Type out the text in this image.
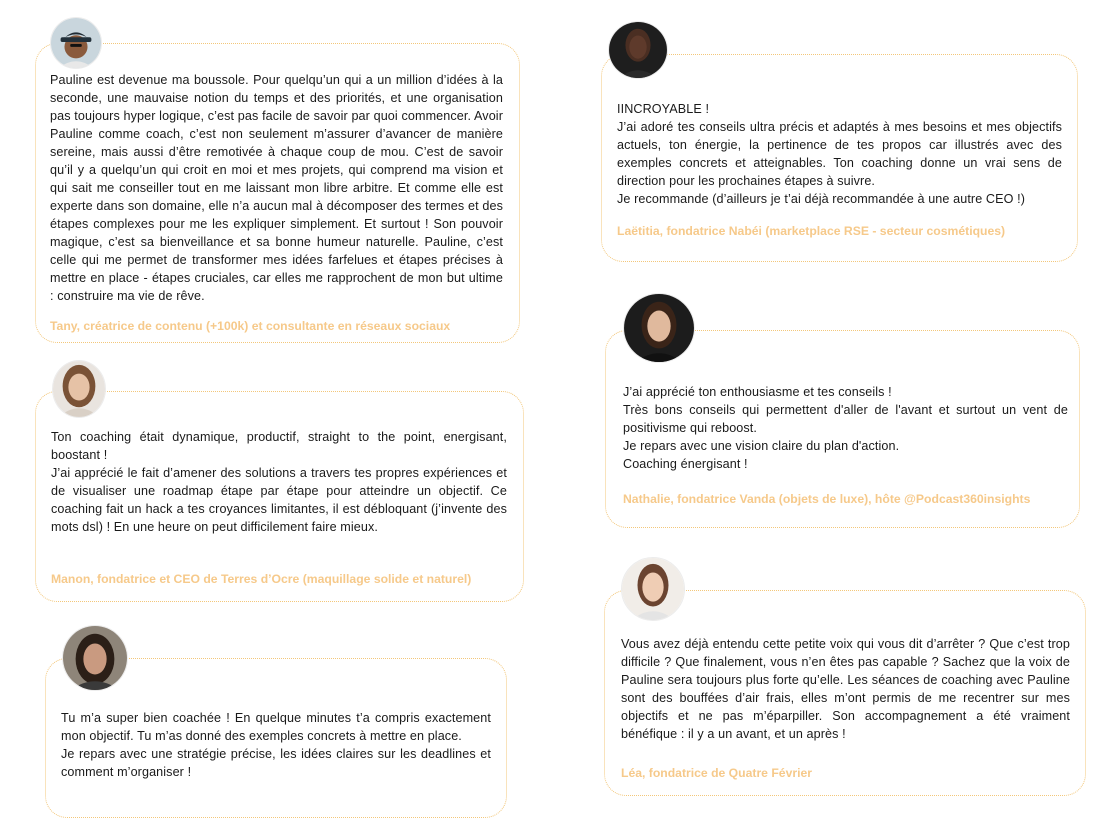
Pauline est devenue ma boussole. Pour quelqu’un qui a un million d’idées à la seconde, une mauvaise notion du temps et des priorités, et une organisation pas toujours hyper logique, c’est pas facile de savoir par quoi commencer. Avoir Pauline comme coach, c’est non seulement m’assurer d’avancer de manière sereine, mais aussi d’être remotivée à chaque coup de mou. C’est de savoir qu’il y a quelqu’un qui croit en moi et mes projets, qui comprend ma vision et qui sait me conseiller tout en me laissant mon libre arbitre. Et comme elle est experte dans son domaine, elle n’a aucun mal à décomposer des termes et des étapes complexes pour me les expliquer simplement. Et surtout ! Son pouvoir magique, c’est sa bienveillance et sa bonne humeur naturelle. Pauline, c’est celle qui me permet de transformer mes idées farfelues et étapes précises à mettre en place - étapes cruciales, car elles me rapprochent de mon but ultime : construire ma vie de rêve.

Tany, créatrice de contenu (+100k) et consultante en réseaux sociaux

Ton coaching était dynamique, productif, straight to the point, energisant, boostant !
J’ai apprécié le fait d’amener des solutions a travers tes propres expériences et de visualiser une roadmap étape par étape pour atteindre un objectif. Ce coaching fait un hack a tes croyances limitantes, il est débloquant (j’invente des mots dsl) ! En une heure on peut difficilement faire mieux.

Manon, fondatrice et CEO de Terres d’Ocre (maquillage solide et naturel)

Tu m’a super bien coachée ! En quelque minutes t’a compris exactement mon objectif. Tu m’as donné des exemples concrets à mettre en place.
Je repars avec une stratégie précise, les idées claires sur les deadlines et comment m’organiser !

IINCROYABLE !
J’ai adoré tes conseils ultra précis et adaptés à mes besoins et mes objectifs actuels, ton énergie, la pertinence de tes propos car illustrés avec des exemples concrets et atteignables. Ton coaching donne un vrai sens de direction pour les prochaines étapes à suivre.
Je recommande (d’ailleurs je t’ai déjà recommandée à une autre CEO !)

Laëtitia, fondatrice Nabéi (marketplace RSE - secteur cosmétiques)

J’ai apprécié ton enthousiasme et tes conseils !
Très bons conseils qui permettent d'aller de l'avant et surtout un vent de positivisme qui reboost.
Je repars avec une vision claire du plan d'action.
Coaching énergisant !

Nathalie, fondatrice Vanda (objets de luxe), hôte @Podcast360insights

Vous avez déjà entendu cette petite voix qui vous dit d’arrêter ? Que c’est trop difficile ? Que finalement, vous n’en êtes pas capable ? Sachez que la voix de Pauline sera toujours plus forte qu’elle. Les séances de coaching avec Pauline sont des bouffées d’air frais, elles m’ont permis de me recentrer sur mes objectifs et ne pas m’éparpiller. Son accompagnement a été vraiment bénéfique : il y a un avant, et un après !

Léa, fondatrice de Quatre Février
